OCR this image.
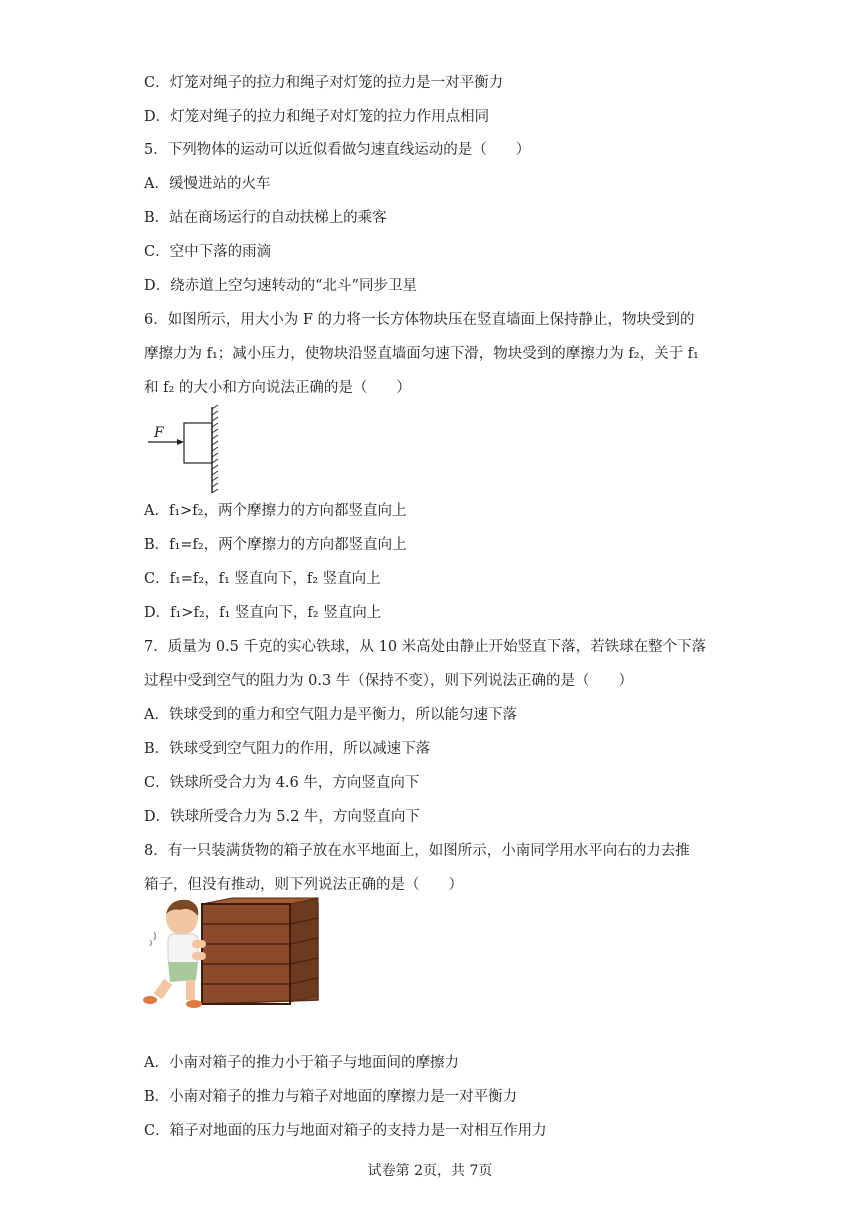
C．灯笼对绳子的拉力和绳子对灯笼的拉力是一对平衡力
D．灯笼对绳子的拉力和绳子对灯笼的拉力作用点相同
5．下列物体的运动可以近似看做匀速直线运动的是（　　）
A．缓慢进站的火车
B．站在商场运行的自动扶梯上的乘客
C．空中下落的雨滴
D．绕赤道上空匀速转动的“北斗”同步卫星
6．如图所示，用大小为 F 的力将一长方体物块压在竖直墙面上保持静止，物块受到的
摩擦力为 f₁；减小压力，使物块沿竖直墙面匀速下滑，物块受到的摩擦力为 f₂，关于 f₁
和 f₂ 的大小和方向说法正确的是（　　）
F
A．f₁>f₂，两个摩擦力的方向都竖直向上
B．f₁=f₂，两个摩擦力的方向都竖直向上
C．f₁=f₂，f₁ 竖直向下，f₂ 竖直向上
D．f₁>f₂，f₁ 竖直向下，f₂ 竖直向上
7．质量为 0.5 千克的实心铁球，从 10 米高处由静止开始竖直下落，若铁球在整个下落
过程中受到空气的阻力为 0.3 牛（保持不变），则下列说法正确的是（　　）
A．铁球受到的重力和空气阻力是平衡力，所以能匀速下落
B．铁球受到空气阻力的作用，所以减速下落
C．铁球所受合力为 4.6 牛，方向竖直向下
D．铁球所受合力为 5.2 牛，方向竖直向下
8．有一只装满货物的箱子放在水平地面上，如图所示，小南同学用水平向右的力去推
箱子，但没有推动，则下列说法正确的是（　　）
A．小南对箱子的推力小于箱子与地面间的摩擦力
B．小南对箱子的推力与箱子对地面的摩擦力是一对平衡力
C．箱子对地面的压力与地面对箱子的支持力是一对相互作用力
试卷第 2页，共 7页
